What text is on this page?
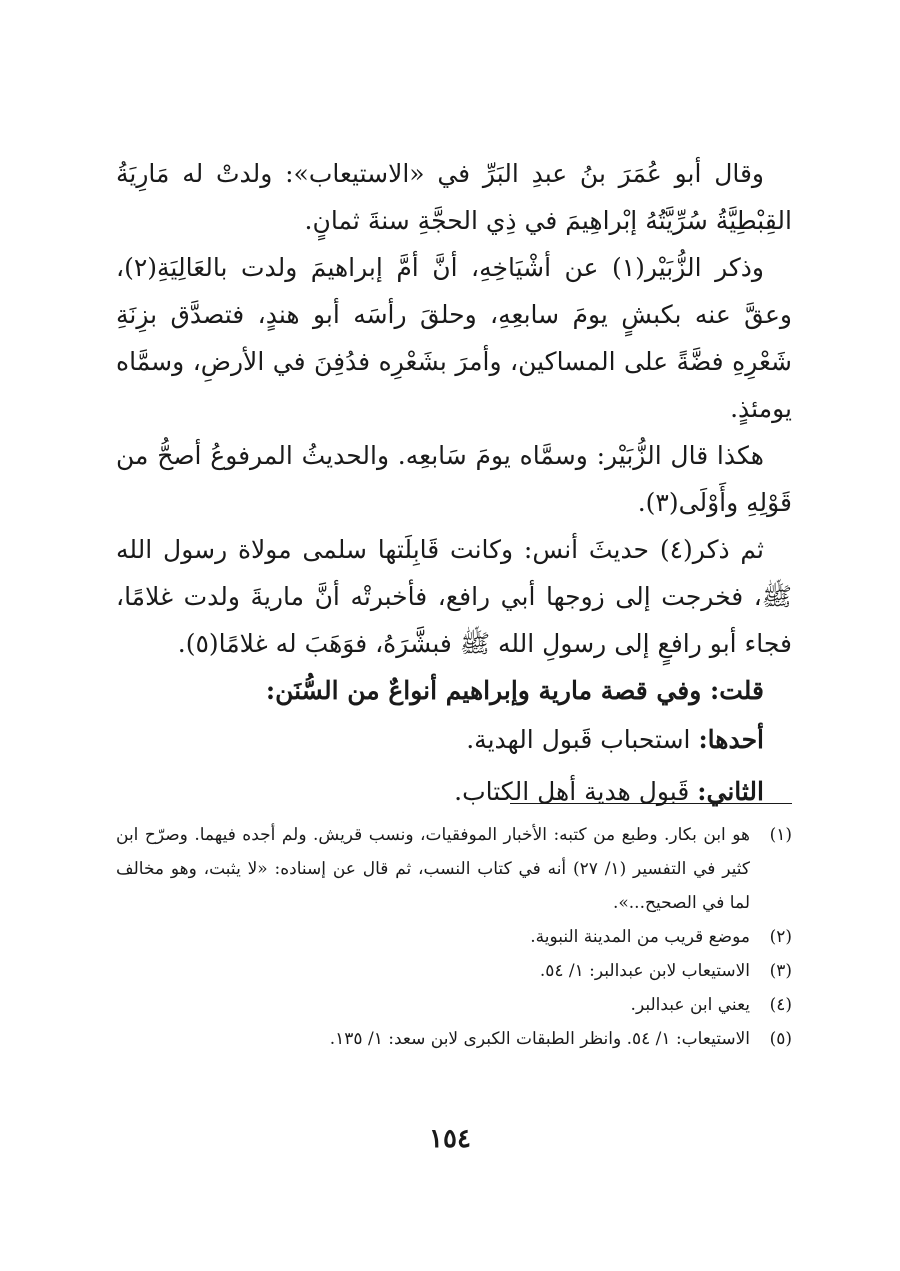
وقال أبو عُمَرَ بنُ عبدِ البَرِّ في «الاستيعاب»: ولدتْ له مَارِيَةُ القِبْطِيَّةُ سُرِّيَّتُهُ إبْراهِيمَ في ذِي الحجَّةِ سنةَ ثمانٍ.

وذكر الزُّبَيْر(١) عن أشْيَاخِهِ، أنَّ أمَّ إبراهيمَ ولدت بالعَالِيَةِ(٢)، وعقَّ عنه بكبشٍ يومَ سابعِهِ، وحلقَ رأسَه أبو هندٍ، فتصدَّق بزِنَةِ شَعْرِهِ فضَّةً على المساكين، وأمرَ بشَعْرِه فدُفِنَ في الأرضِ، وسمَّاه يومئذٍ.

هكذا قال الزُّبَيْر: وسمَّاه يومَ سَابعِه. والحديثُ المرفوعُ أصحُّ من قَوْلِهِ وأَوْلَى(٣).

ثم ذكر(٤) حديثَ أنس: وكانت قَابِلَتها سلمى مولاة رسول الله ﷺ، فخرجت إلى زوجها أبي رافع، فأخبرتْه أنَّ ماريةَ ولدت غلامًا، فجاء أبو رافعٍ إلى رسولِ الله ﷺ فبشَّرَهُ، فوَهَبَ له غلامًا(٥).

قلت: وفي قصة مارية وإبراهيم أنواعٌ من السُّنَن:

أحدها: استحباب قَبول الهدية.

الثاني: قَبول هدية أهل الكتاب.

(١)
هو ابن بكار. وطبع من كتبه: الأخبار الموفقيات، ونسب قريش. ولم أجده فيهما. وصرّح ابن كثير في التفسير (١/ ٢٧) أنه في كتاب النسب، ثم قال عن إسناده: «لا يثبت، وهو مخالف لما في الصحيح...».
(٢)
موضع قريب من المدينة النبوية.
(٣)
الاستيعاب لابن عبدالبر: ١/ ٥٤.
(٤)
يعني ابن عبدالبر.
(٥)
الاستيعاب: ١/ ٥٤. وانظر الطبقات الكبرى لابن سعد: ١/ ١٣٥.
١٥٤
